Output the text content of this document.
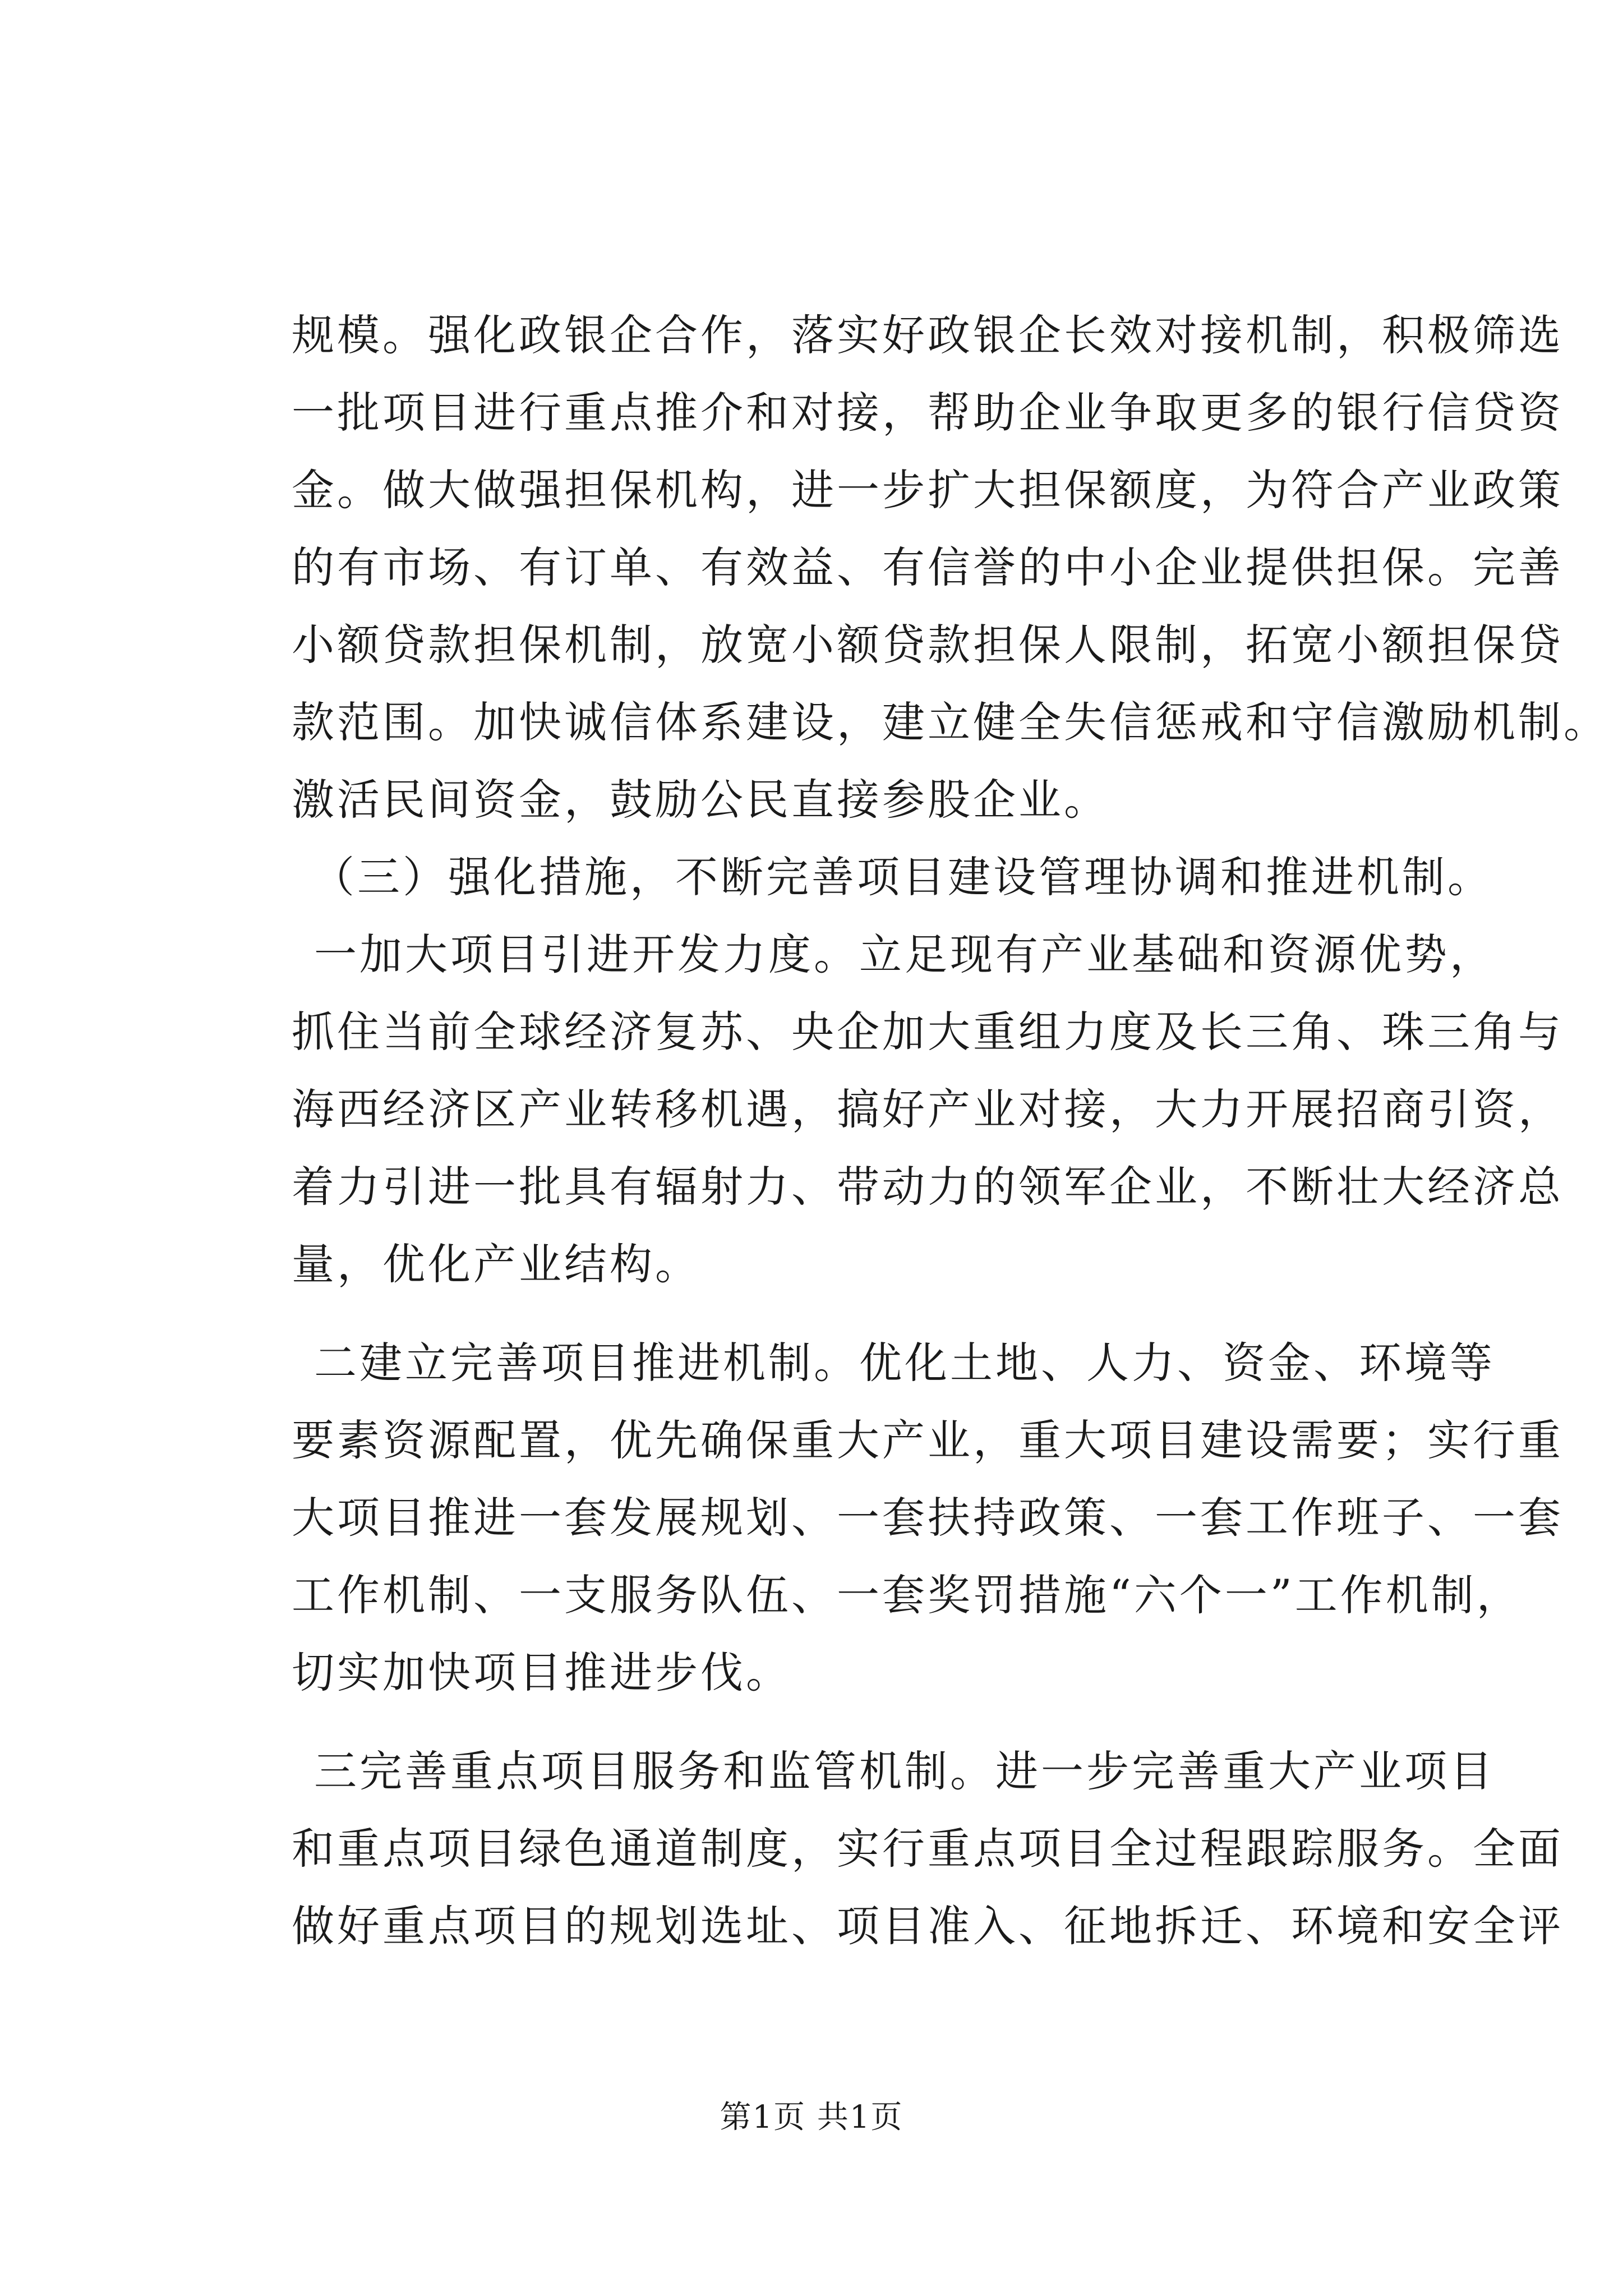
规模。强化政银企合作，落实好政银企长效对接机制，积极筛选
一批项目进行重点推介和对接，帮助企业争取更多的银行信贷资
金。做大做强担保机构，进一步扩大担保额度，为符合产业政策
的有市场、有订单、有效益、有信誉的中小企业提供担保。完善
小额贷款担保机制，放宽小额贷款担保人限制，拓宽小额担保贷
款范围。加快诚信体系建设，建立健全失信惩戒和守信激励机制。
激活民间资金，鼓励公民直接参股企业。
（三）强化措施，不断完善项目建设管理协调和推进机制。
一加大项目引进开发力度。立足现有产业基础和资源优势，
抓住当前全球经济复苏、央企加大重组力度及长三角、珠三角与
海西经济区产业转移机遇，搞好产业对接，大力开展招商引资，
着力引进一批具有辐射力、带动力的领军企业，不断壮大经济总
量，优化产业结构。
二建立完善项目推进机制。优化土地、人力、资金、环境等
要素资源配置，优先确保重大产业，重大项目建设需要；实行重
大项目推进一套发展规划、一套扶持政策、一套工作班子、一套
工作机制、一支服务队伍、一套奖罚措施“六个一”工作机制，
切实加快项目推进步伐。
三完善重点项目服务和监管机制。进一步完善重大产业项目
和重点项目绿色通道制度，实行重点项目全过程跟踪服务。全面
做好重点项目的规划选址、项目准入、征地拆迁、环境和安全评
第1页 共1页
